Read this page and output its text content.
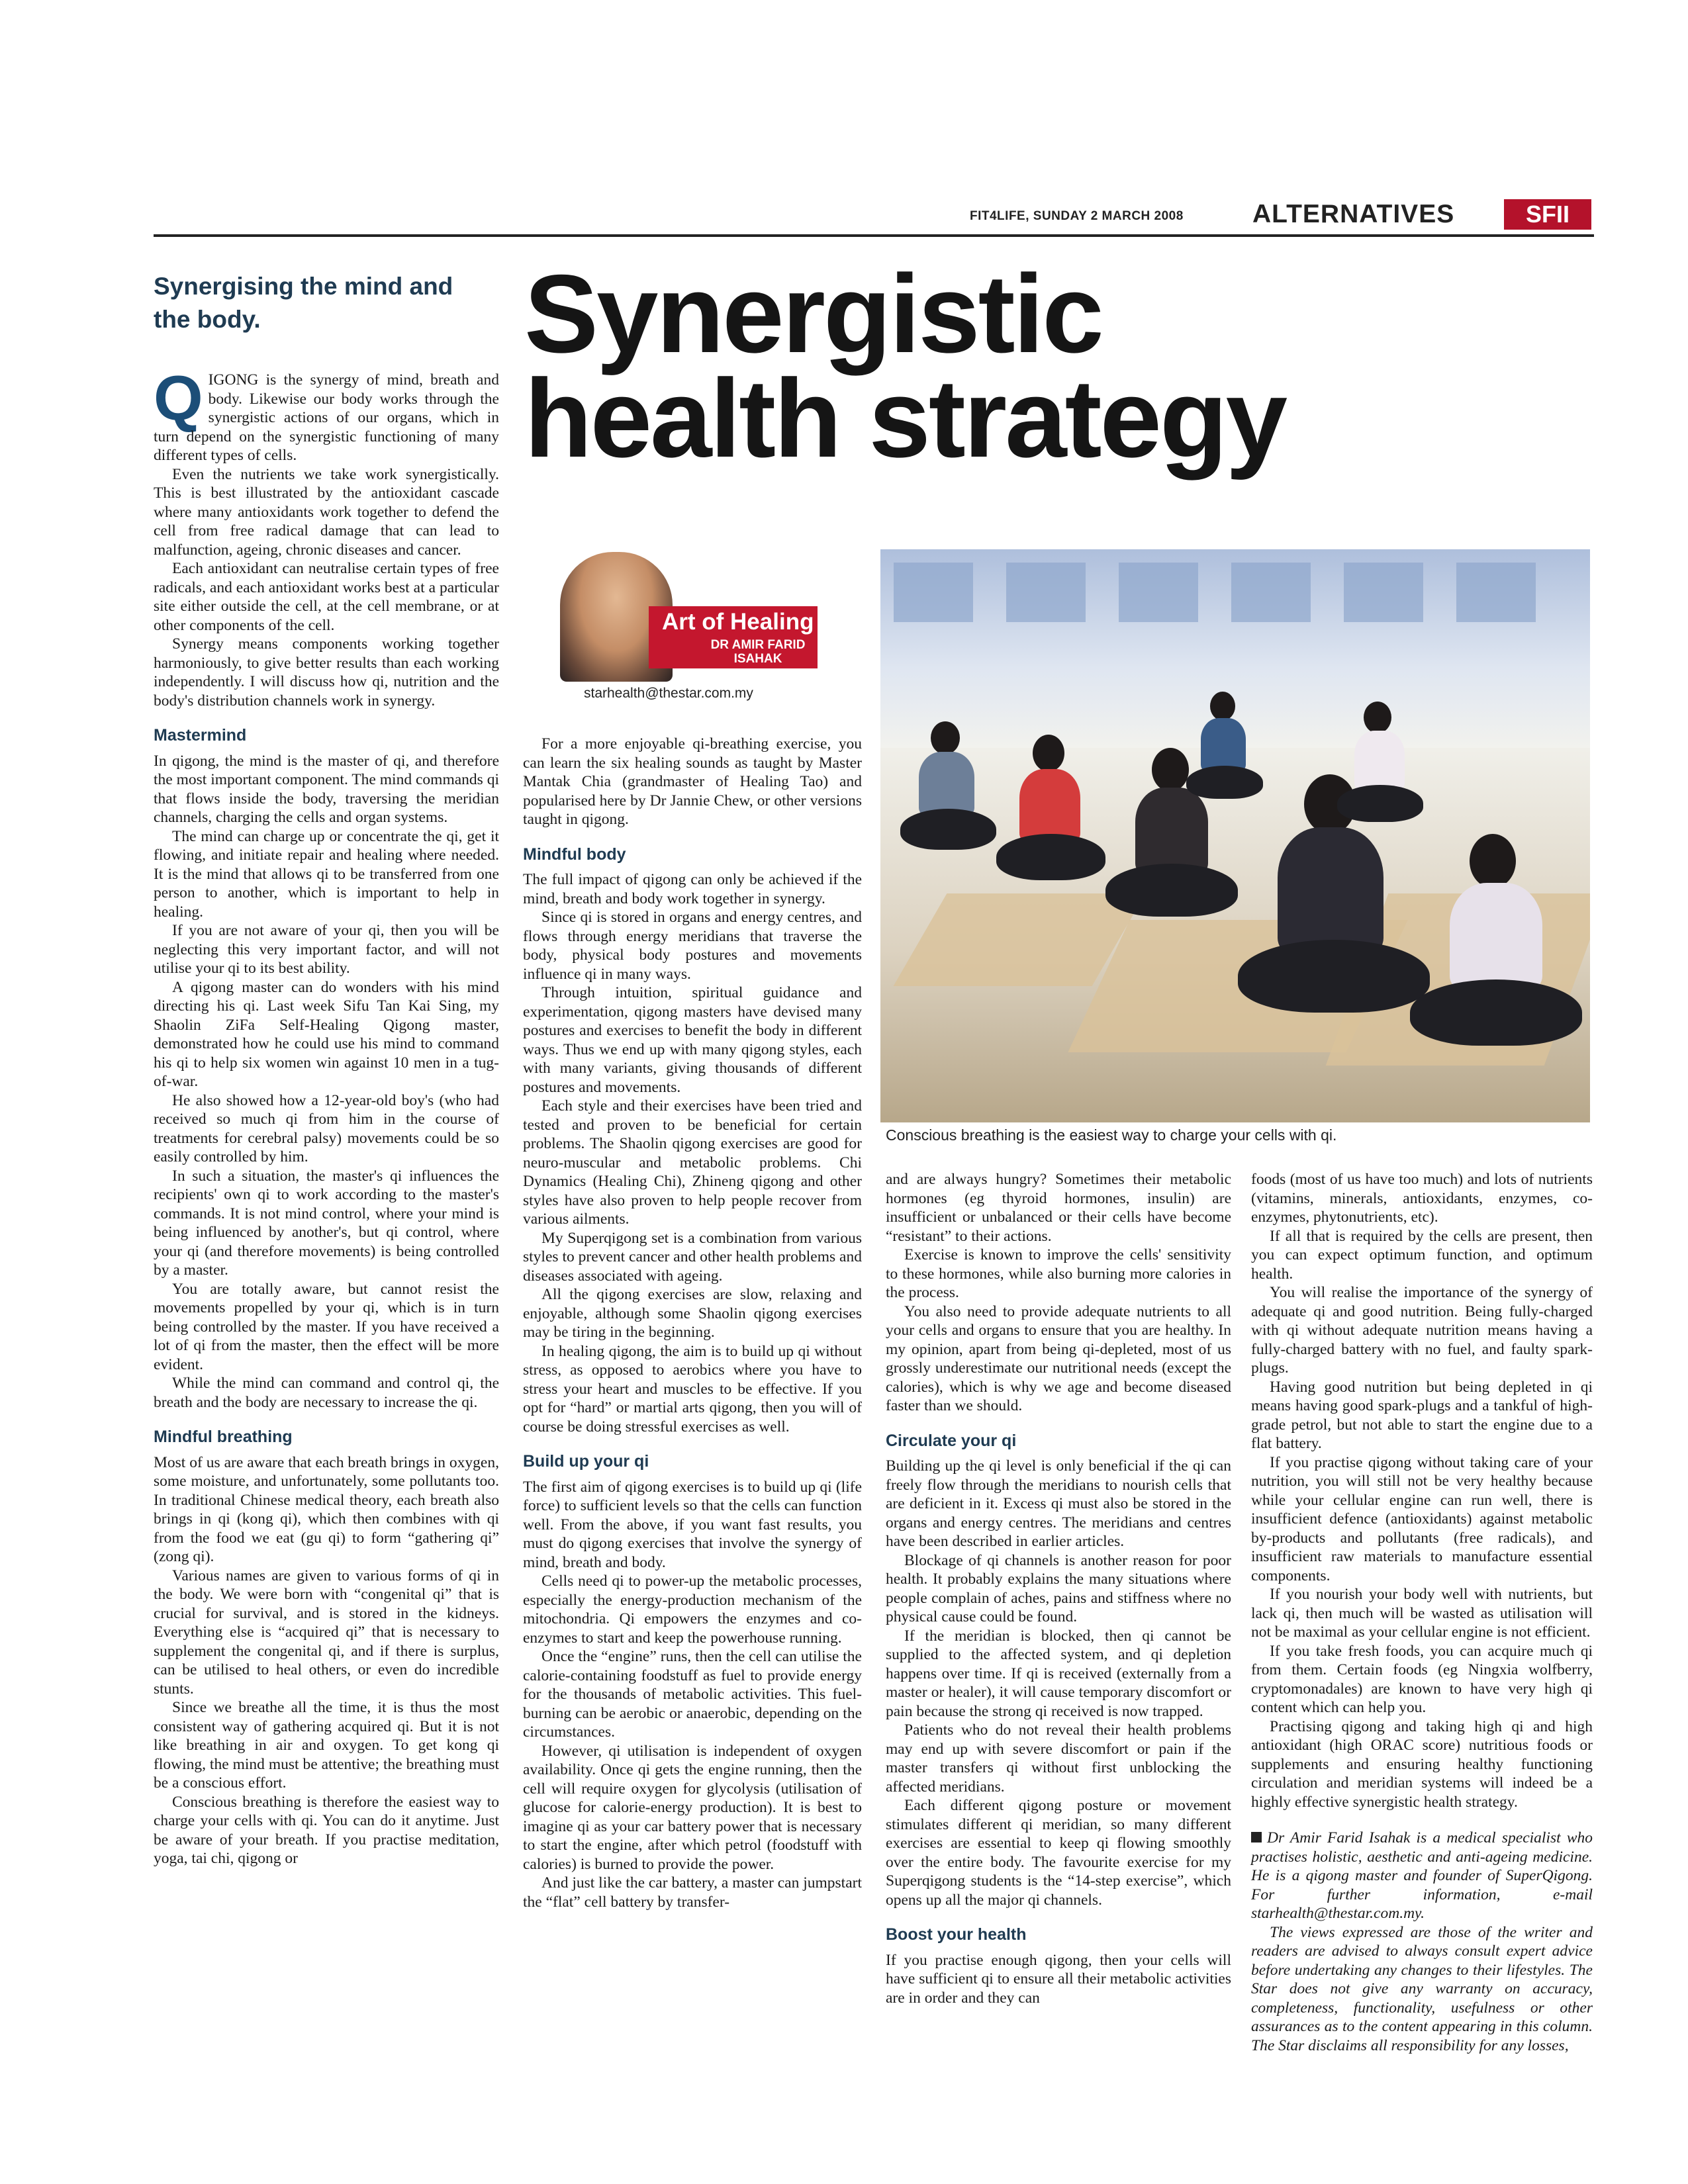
FIT4LIFE, SUNDAY 2 MARCH 2008	ALTERNATIVES	SFII
Synergising the mind and the body.	Synergistic
health strategy
Art of Healing
DR AMIR FARID ISAHAK
starhealth@thestar.com.my
Conscious breathing is the easiest way to charge your cells with qi.

QIGONG is the synergy of mind, breath and body. Likewise our body works through the synergistic actions of our organs, which in turn depend on the synergistic functioning of many different types of cells.

Even the nutrients we take work synergistically. This is best illustrated by the antioxidant cascade where many antioxidants work together to defend the cell from free radical damage that can lead to malfunction, ageing, chronic diseases and cancer.

Each antioxidant can neutralise certain types of free radicals, and each antioxidant works best at a particular site either outside the cell, at the cell membrane, or at other components of the cell.

Synergy means components working together harmoniously, to give better results than each working independently. I will discuss how qi, nutrition and the body's distribution channels work in synergy.

Mastermind

In qigong, the mind is the master of qi, and therefore the most important component. The mind commands qi that flows inside the body, traversing the meridian channels, charging the cells and organ systems.

The mind can charge up or concentrate the qi, get it flowing, and initiate repair and healing where needed. It is the mind that allows qi to be transferred from one person to another, which is important to help in healing.

If you are not aware of your qi, then you will be neglecting this very important factor, and will not utilise your qi to its best ability.

A qigong master can do wonders with his mind directing his qi. Last week Sifu Tan Kai Sing, my Shaolin ZiFa Self-Healing Qigong master, demonstrated how he could use his mind to command his qi to help six women win against 10 men in a tug-of-war.

He also showed how a 12-year-old boy's (who had received so much qi from him in the course of treatments for cerebral palsy) movements could be so easily controlled by him.

In such a situation, the master's qi influences the recipients' own qi to work according to the master's commands. It is not mind control, where your mind is being influenced by another's, but qi control, where your qi (and therefore movements) is being controlled by a master.

You are totally aware, but cannot resist the movements propelled by your qi, which is in turn being controlled by the master. If you have received a lot of qi from the master, then the effect will be more evident.

While the mind can command and control qi, the breath and the body are necessary to increase the qi.

Mindful breathing

Most of us are aware that each breath brings in oxygen, some moisture, and unfortunately, some pollutants too. In traditional Chinese medical theory, each breath also brings in qi (kong qi), which then combines with qi from the food we eat (gu qi) to form “gathering qi” (zong qi).

Various names are given to various forms of qi in the body. We were born with “congenital qi” that is crucial for survival, and is stored in the kidneys. Everything else is “acquired qi” that is necessary to supplement the congenital qi, and if there is surplus, can be utilised to heal others, or even do incredible stunts.

Since we breathe all the time, it is thus the most consistent way of gathering acquired qi. But it is not like breathing in air and oxygen. To get kong qi flowing, the mind must be attentive; the breathing must be a conscious effort.

Conscious breathing is therefore the easiest way to charge your cells with qi. You can do it anytime. Just be aware of your breath. If you practise meditation, yoga, tai chi, qigong or

For a more enjoyable qi-breathing exercise, you can learn the six healing sounds as taught by Master Mantak Chia (grandmaster of Healing Tao) and popularised here by Dr Jannie Chew, or other versions taught in qigong.

Mindful body

The full impact of qigong can only be achieved if the mind, breath and body work together in synergy.

Since qi is stored in organs and energy centres, and flows through energy meridians that traverse the body, physical body postures and movements influence qi in many ways.

Through intuition, spiritual guidance and experimentation, qigong masters have devised many postures and exercises to benefit the body in different ways. Thus we end up with many qigong styles, each with many variants, giving thousands of different postures and movements.

Each style and their exercises have been tried and tested and proven to be beneficial for certain problems. The Shaolin qigong exercises are good for neuro-muscular and metabolic problems. Chi Dynamics (Healing Chi), Zhineng qigong and other styles have also proven to help people recover from various ailments.

My Superqigong set is a combination from various styles to prevent cancer and other health problems and diseases associated with ageing.

All the qigong exercises are slow, relaxing and enjoyable, although some Shaolin qigong exercises may be tiring in the beginning.

In healing qigong, the aim is to build up qi without stress, as opposed to aerobics where you have to stress your heart and muscles to be effective. If you opt for “hard” or martial arts qigong, then you will of course be doing stressful exercises as well.

Build up your qi

The first aim of qigong exercises is to build up qi (life force) to sufficient levels so that the cells can function well. From the above, if you want fast results, you must do qigong exercises that involve the synergy of mind, breath and body.

Cells need qi to power-up the metabolic processes, especially the energy-production mechanism of the mitochondria. Qi empowers the enzymes and co-enzymes to start and keep the powerhouse running.

Once the “engine” runs, then the cell can utilise the calorie-containing foodstuff as fuel to provide energy for the thousands of metabolic activities. This fuel-burning can be aerobic or anaerobic, depending on the circumstances.

However, qi utilisation is independent of oxygen availability. Once qi gets the engine running, then the cell will require oxygen for glycolysis (utilisation of glucose for calorie-energy production). It is best to imagine qi as your car battery power that is necessary to start the engine, after which petrol (foodstuff with calories) is burned to provide the power.

And just like the car battery, a master can jumpstart the “flat” cell battery by transfer-

and are always hungry? Sometimes their metabolic hormones (eg thyroid hormones, insulin) are insufficient or unbalanced or their cells have become “resistant” to their actions.

Exercise is known to improve the cells' sensitivity to these hormones, while also burning more calories in the process.

You also need to provide adequate nutrients to all your cells and organs to ensure that you are healthy. In my opinion, apart from being qi-depleted, most of us grossly underestimate our nutritional needs (except the calories), which is why we age and become diseased faster than we should.

Circulate your qi

Building up the qi level is only beneficial if the qi can freely flow through the meridians to nourish cells that are deficient in it. Excess qi must also be stored in the organs and energy centres. The meridians and centres have been described in earlier articles.

Blockage of qi channels is another reason for poor health. It probably explains the many situations where people complain of aches, pains and stiffness where no physical cause could be found.

If the meridian is blocked, then qi cannot be supplied to the affected system, and qi depletion happens over time. If qi is received (externally from a master or healer), it will cause temporary discomfort or pain because the strong qi received is now trapped.

Patients who do not reveal their health problems may end up with severe discomfort or pain if the master transfers qi without first unblocking the affected meridians.

Each different qigong posture or movement stimulates different qi meridian, so many different exercises are essential to keep qi flowing smoothly over the entire body. The favourite exercise for my Superqigong students is the “14-step exercise”, which opens up all the major qi channels.

Boost your health

If you practise enough qigong, then your cells will have sufficient qi to ensure all their metabolic activities are in order and they can

foods (most of us have too much) and lots of nutrients (vitamins, minerals, antioxidants, enzymes, co-enzymes, phytonutrients, etc).

If all that is required by the cells are present, then you can expect optimum function, and optimum health.

You will realise the importance of the synergy of adequate qi and good nutrition. Being fully-charged with qi without adequate nutrition means having a fully-charged battery with no fuel, and faulty spark-plugs.

Having good nutrition but being depleted in qi means having good spark-plugs and a tankful of high-grade petrol, but not able to start the engine due to a flat battery.

If you practise qigong without taking care of your nutrition, you will still not be very healthy because while your cellular engine can run well, there is insufficient defence (antioxidants) against metabolic by-products and pollutants (free radicals), and insufficient raw materials to manufacture essential components.

If you nourish your body well with nutrients, but lack qi, then much will be wasted as utilisation will not be maximal as your cellular engine is not efficient.

If you take fresh foods, you can acquire much qi from them. Certain foods (eg Ningxia wolfberry, cryptomonadales) are known to have very high qi content which can help you.

Practising qigong and taking high qi and high antioxidant (high ORAC score) nutritious foods or supplements and ensuring healthy functioning circulation and meridian systems will indeed be a highly effective synergistic health strategy.

Dr Amir Farid Isahak is a medical specialist who practises holistic, aesthetic and anti-ageing medicine. He is a qigong master and founder of SuperQigong. For further information, e-mail starhealth@thestar.com.my.

The views expressed are those of the writer and readers are advised to always consult expert advice before undertaking any changes to their lifestyles. The Star does not give any warranty on accuracy, completeness, functionality, usefulness or other assurances as to the content appearing in this column. The Star disclaims all responsibility for any losses,
